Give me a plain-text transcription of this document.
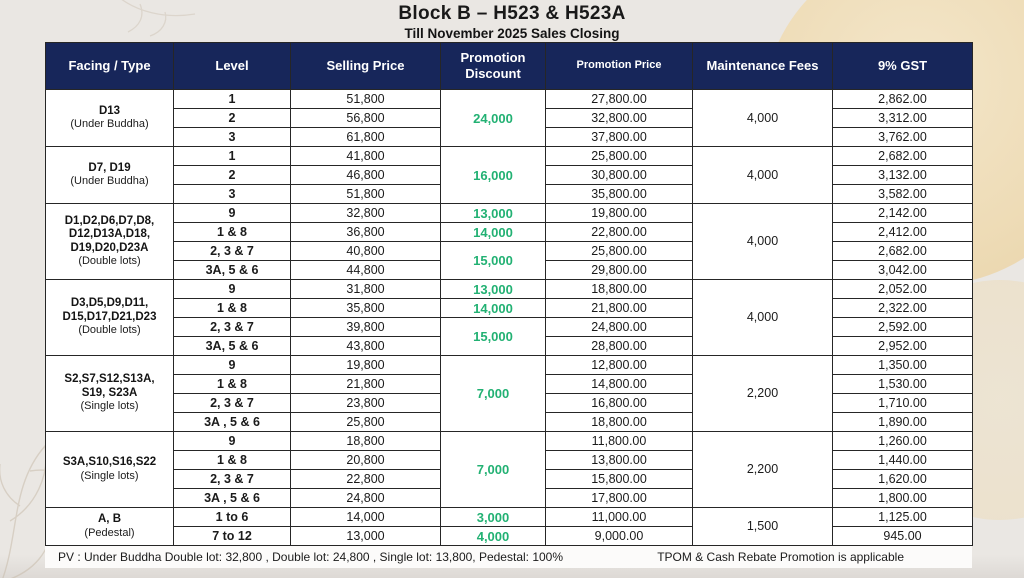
Block B – H523 & H523A
Till November 2025 Sales Closing
Facing / Type	Level	Selling Price	Promotion Discount	Promotion Price	Maintenance Fees	9% GST

D13
(Under Buddha)	1	51,800	24,000	27,800.00	4,000	2,862.00
	2	56,800		32,800.00		3,312.00
	3	61,800		37,800.00		3,762.00

D7, D19
(Under Buddha)	1	41,800	16,000	25,800.00	4,000	2,682.00
	2	46,800		30,800.00		3,132.00
	3	51,800		35,800.00		3,582.00

D1,D2,D6,D7,D8,
D12,D13A,D18,
D19,D20,D23A
(Double lots)	9	32,800	13,000	19,800.00	4,000	2,142.00
	1 & 8	36,800	14,000	22,800.00		2,412.00
	2, 3 & 7	40,800	15,000	25,800.00		2,682.00
	3A, 5 & 6	44,800		29,800.00		3,042.00

D3,D5,D9,D11,
D15,D17,D21,D23
(Double lots)	9	31,800	13,000	18,800.00	4,000	2,052.00
	1 & 8	35,800	14,000	21,800.00		2,322.00
	2, 3 & 7	39,800	15,000	24,800.00		2,592.00
	3A, 5 & 6	43,800		28,800.00		2,952.00

S2,S7,S12,S13A,
S19, S23A
(Single lots)	9	19,800	7,000	12,800.00	2,200	1,350.00
	1 & 8	21,800		14,800.00		1,530.00
	2, 3 & 7	23,800		16,800.00		1,710.00
	3A , 5 & 6	25,800		18,800.00		1,890.00

S3A,S10,S16,S22
(Single lots)	9	18,800	7,000	11,800.00	2,200	1,260.00
	1 & 8	20,800		13,800.00		1,440.00
	2, 3 & 7	22,800		15,800.00		1,620.00
	3A , 5 & 6	24,800		17,800.00		1,800.00

A, B
(Pedestal)	1 to 6	14,000	3,000	11,000.00	1,500	1,125.00
	7 to 12	13,000	4,000	9,000.00		945.00
PV : Under Buddha Double lot: 32,800 , Double lot: 24,800 , Single lot: 13,800, Pedestal: 100%	TPOM & Cash Rebate Promotion is applicable
